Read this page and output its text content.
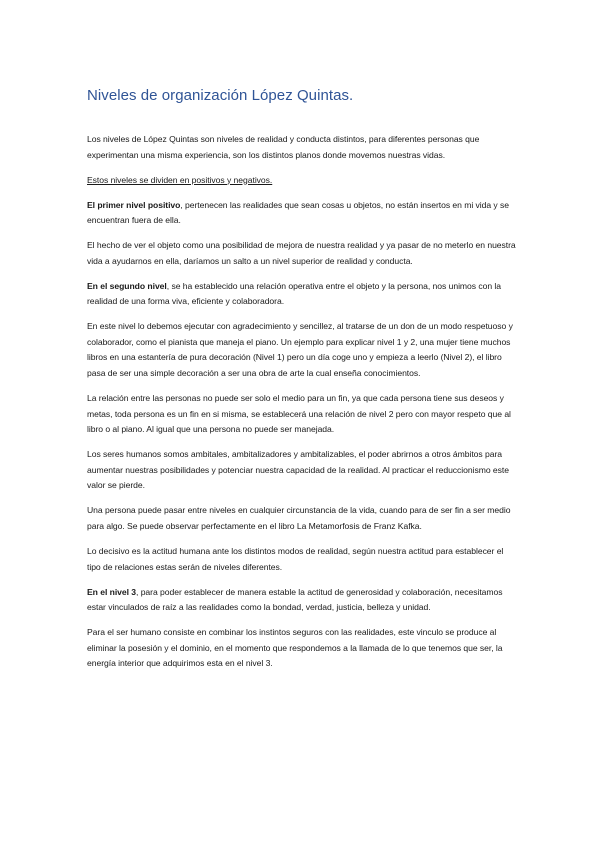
Niveles de organización López Quintas.

Los niveles de López Quintas son niveles de realidad y conducta distintos, para diferentes personas que experimentan una misma experiencia, son los distintos planos donde movemos nuestras vidas.

Estos niveles se dividen en positivos y negativos.

El primer nivel positivo, pertenecen las realidades que sean cosas u objetos, no están insertos en mi vida y se encuentran fuera de ella.

El hecho de ver el objeto como una posibilidad de mejora de nuestra realidad y ya pasar de no meterlo en nuestra vida a ayudarnos en ella, daríamos un salto a un nivel superior de realidad y conducta.

En el segundo nivel, se ha establecido una relación operativa entre el objeto y la persona, nos unimos con la realidad de una forma viva, eficiente y colaboradora.

En este nivel lo debemos ejecutar con agradecimiento y sencillez, al tratarse de un don de un modo respetuoso y colaborador, como el pianista que maneja el piano. Un ejemplo para explicar nivel 1 y 2, una mujer tiene muchos libros en una estantería de pura decoración (Nivel 1) pero un día coge uno y empieza a leerlo (Nivel 2), el libro pasa de ser una simple decoración a ser una obra de arte la cual enseña conocimientos.

La relación entre las personas no puede ser solo el medio para un fin, ya que cada persona tiene sus deseos y metas, toda persona es un fin en si misma, se establecerá una relación de nivel 2 pero con mayor respeto que al libro o al piano. Al igual que una persona no puede ser manejada.

Los seres humanos somos ambitales, ambitalizadores y ambitalizables, el poder abrirnos a otros ámbitos para aumentar nuestras posibilidades y potenciar nuestra capacidad de la realidad. Al practicar el reduccionismo este valor se pierde.

Una persona puede pasar entre niveles en cualquier circunstancia de la vida, cuando para de ser fin a ser medio para algo. Se puede observar perfectamente en el libro La Metamorfosis de Franz Kafka.

Lo decisivo es la actitud humana ante los distintos modos de realidad, según nuestra actitud para establecer el tipo de relaciones estas serán de niveles diferentes.

En el nivel 3, para poder establecer de manera estable la actitud de generosidad y colaboración, necesitamos estar vinculados de raíz a las realidades como la bondad, verdad, justicia, belleza y unidad.

Para el ser humano consiste en combinar los instintos seguros con las realidades, este vinculo se produce al eliminar la posesión y el dominio, en el momento que respondemos a la llamada de lo que tenemos que ser, la energía interior que adquirimos esta en el nivel 3.
